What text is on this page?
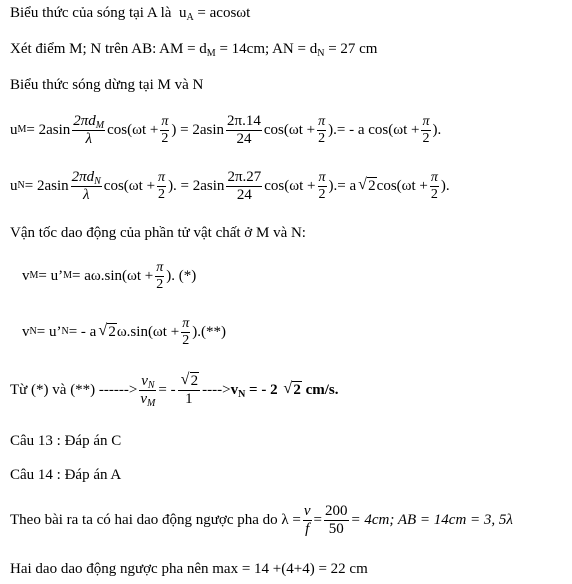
Biểu thức của sóng tại A là $u_A = acos\omega t$
Xét điểm M; N trên AB: AM = $d_M = 14cm$; AN = $d_N = 27$ cm
Biểu thức sóng dừng tại M và N
u $M = 2asin \frac{2\pi d_M}{\lambda} \cos(\omega t + \frac{\pi}{2}$ ) = $2asin \frac{2\pi.14}{24} \cos(\omega t + \frac{\pi}{2}$ ).= - a $\cos(\omega t + \frac{\pi}{2}$ ).
u $N = 2asin \frac{2\pi d_N}{\lambda} \cos(\omega t + \frac{\pi}{2}$ ). = $2asin \frac{2\pi.27}{24} \cos(\omega t + \frac{\pi}{2}$ ).= a √ 2 $\cos(\omega t + \frac{\pi}{2}$ ).
Vận tốc dao động của phần tử vật chất ở M và N:
v M = u’ $M = a\omega.\sin(\omega t + \frac{\pi}{2}$ ). (*)
v N = u’ N = - a √ 2 $\omega.\sin(\omega t + \frac{\pi}{2}$ ).(**)
Từ (*) và (**) ------> $\frac{v_N}{v_M}$ = - √ $\frac{2}{1}$ ----> $v_N$ = - 2 √ 2 cm/s.
Câu 13 : Đáp án C
Câu 14 : Đáp án A
Theo bài ra ta có hai dao động ngược pha do $\lambda = \frac{v}{f} = \frac{200}{50} = 4cm$; AB = 14cm = 3, 5λ
Hai dao dao động ngược pha nên max = 14 +(4+4) = 22 cm
